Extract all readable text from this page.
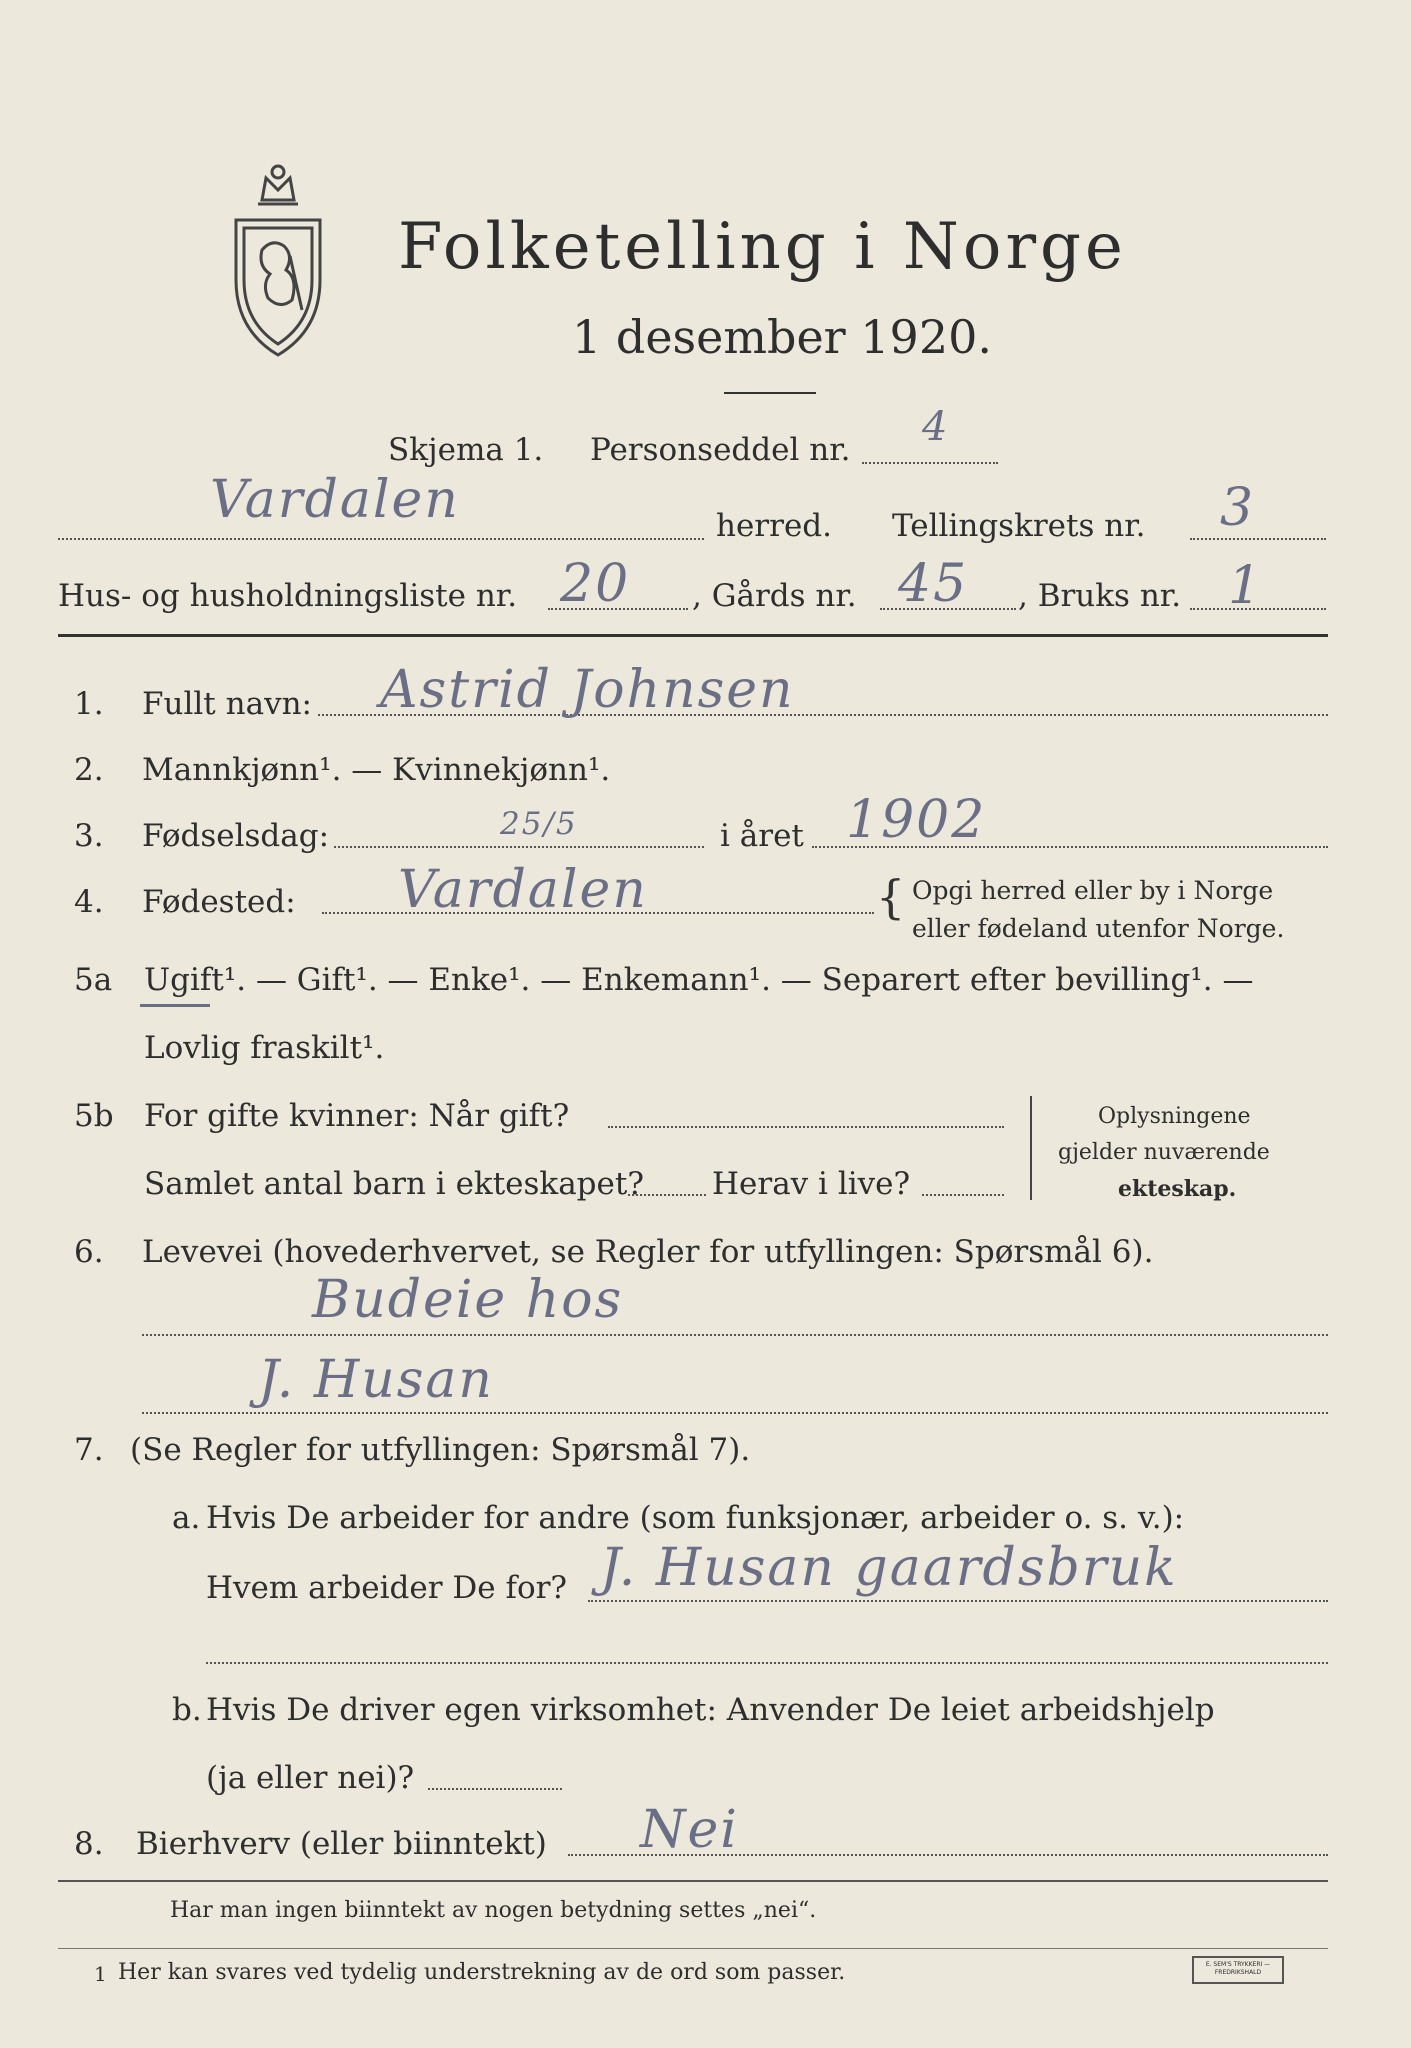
Folketelling i Norge
1 desember 1920.
Skjema 1. Personseddel nr. 4
Vardalen	herred. Tellingskrets nr. 3
Hus- og husholdningsliste nr. 20 , Gårds nr. 45 , Bruks nr. 1
1. Fullt navn: Astrid Johnsen
2. Mannkjønn¹. — Kvinnekjønn¹.
3. Fødselsdag:	25/5	i året 1902
4. Fødested: Vardalen	{ Opgi herred eller by i Norge
eller fødeland utenfor Norge.
5a Ugift¹. — Gift¹. — Enke¹. — Enkemann¹. — Separert efter bevilling¹. —
Lovlig fraskilt¹.
5b For gifte kvinner: Når gift?
Samlet antal barn i ekteskapet? Herav i live?
Oplysningene
gjelder nuværende
ekteskap.
6. Levevei (hovederhvervet, se Regler for utfyllingen: Spørsmål 6).
Budeie hos
J. Husan
7. (Se Regler for utfyllingen: Spørsmål 7).
a. Hvis De arbeider for andre (som funksjonær, arbeider o. s. v.):
Hvem arbeider De for? J. Husan gaardsbruk
b. Hvis De driver egen virksomhet: Anvender De leiet arbeidshjelp
(ja eller nei)?
8. Bierhverv (eller biinntekt) Nei
Har man ingen biinntekt av nogen betydning settes „nei“.
1 Her kan svares ved tydelig understrekning av de ord som passer.	E. SEM'S TRYKKERI — FREDRIKSHALD
